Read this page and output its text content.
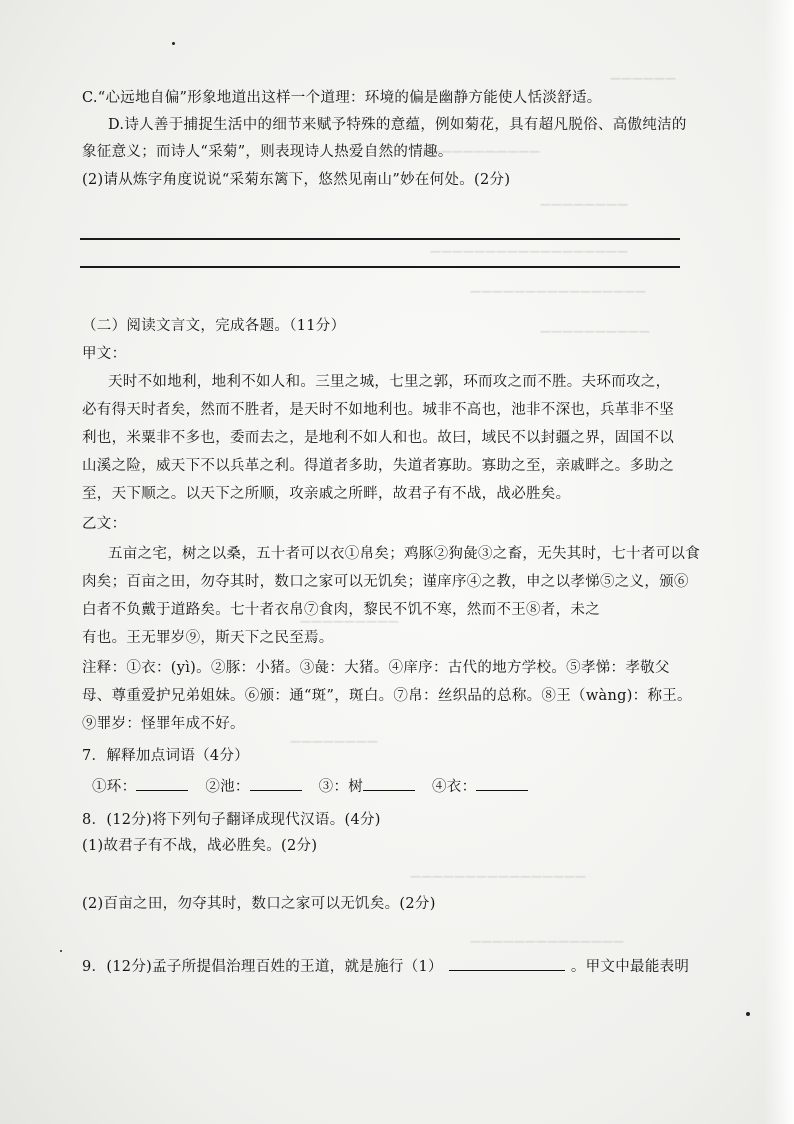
——————
——————————
————————
——————————————————
————————————————
——————————
—————————
————————
————————————————
——————————————
C.“心远地自偏”形象地道出这样一个道理：环境的偏是幽静方能使人恬淡舒适。
D.诗人善于捕捉生活中的细节来赋予特殊的意蕴，例如菊花，具有超凡脱俗、高傲纯洁的
象征意义；而诗人“采菊”，则表现诗人热爱自然的情趣。
(2)请从炼字角度说说“采菊东篱下，悠然见南山”妙在何处。(2分)
（二）阅读文言文，完成各题。（11分）
甲文：
天时不如地利，地利不如人和。三里之城，七里之郭，环而攻之而不胜。夫环而攻之，
必有得天时者矣，然而不胜者，是天时不如地利也。城非不高也，池非不深也，兵革非不坚
利也，米粟非不多也，委而去之，是地利不如人和也。故曰，域民不以封疆之界，固国不以
山溪之险，威天下不以兵革之利。得道者多助，失道者寡助。寡助之至，亲戚畔之。多助之
至，天下顺之。以天下之所顺，攻亲戚之所畔，故君子有不战，战必胜矣。
乙文：
五亩之宅，树之以桑，五十者可以衣①帛矣；鸡豚②狗彘③之畜，无失其时，七十者可以食
肉矣；百亩之田，勿夺其时，数口之家可以无饥矣；谨庠序④之教，申之以孝悌⑤之义，颁⑥
白者不负戴于道路矣。七十者衣帛⑦食肉，黎民不饥不寒，然而不王⑧者，未之
有也。王无罪岁⑨，斯天下之民至焉。
注释：①衣：(yì)。②豚：小猪。③彘：大猪。④庠序：古代的地方学校。⑤孝悌：孝敬父
母、尊重爱护兄弟姐妹。⑥颁：通“斑”，斑白。⑦帛：丝织品的总称。⑧王（wàng)：称王。
⑨罪岁：怪罪年成不好。
7．解释加点词语（4分）
①环：	②池：	③：树	④衣：
8．(12分)将下列句子翻译成现代汉语。(4分)
(1)故君子有不战，战必胜矣。(2分)
(2)百亩之田，勿夺其时，数口之家可以无饥矣。(2分)
9．(12分)孟子所提倡治理百姓的王道，就是施行（1）	。甲文中最能表明
